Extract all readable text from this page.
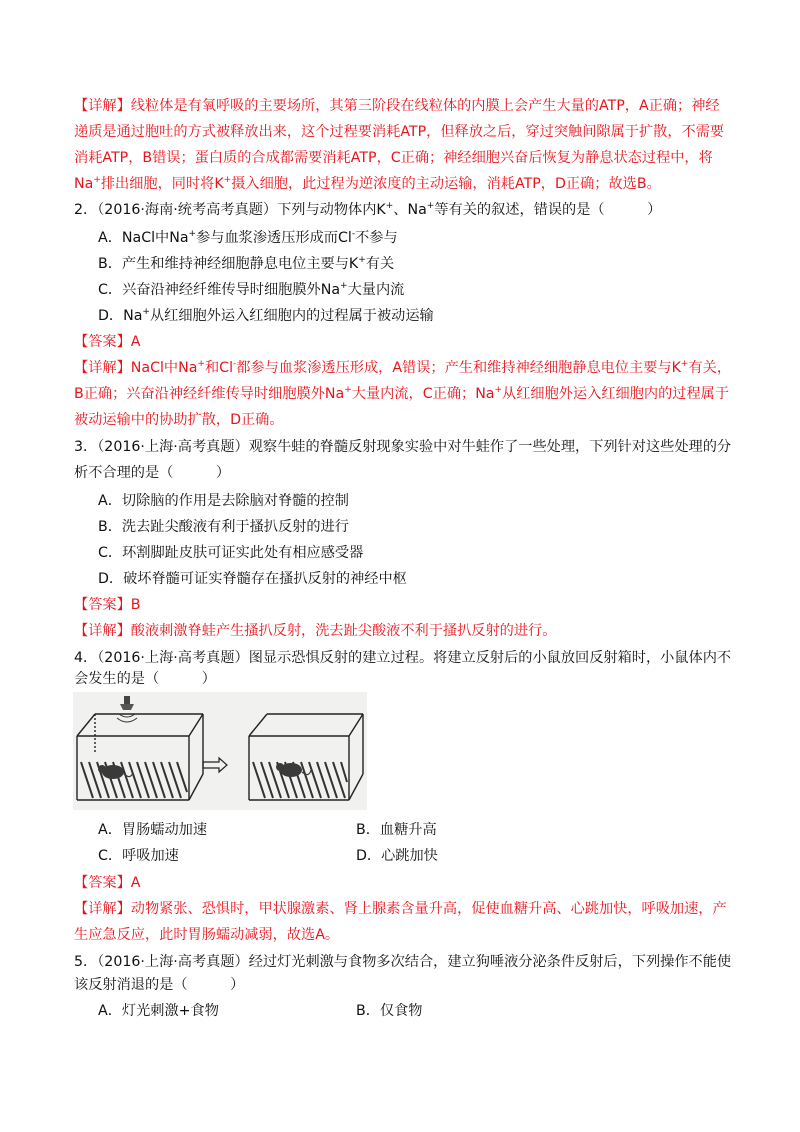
【详解】线粒体是有氧呼吸的主要场所，其第三阶段在线粒体的内膜上会产生大量的ATP，A正确；神经
递质是通过胞吐的方式被释放出来，这个过程要消耗ATP，但释放之后，穿过突触间隙属于扩散，不需要
消耗ATP，B错误；蛋白质的合成都需要消耗ATP，C正确；神经细胞兴奋后恢复为静息状态过程中，将
Na+排出细胞，同时将K+摄入细胞，此过程为逆浓度的主动运输，消耗ATP，D正确；故选B。
2．（2016·海南·统考高考真题）下列与动物体内K+、Na+等有关的叙述，错误的是（　　　）
A．NaCl中Na+参与血浆渗透压形成而Cl-不参与
B．产生和维持神经细胞静息电位主要与K+有关
C．兴奋沿神经纤维传导时细胞膜外Na+大量内流
D．Na+从红细胞外运入红细胞内的过程属于被动运输
【答案】A
【详解】NaCl中Na+和Cl-都参与血浆渗透压形成，A错误；产生和维持神经细胞静息电位主要与K+有关，
B正确；兴奋沿神经纤维传导时细胞膜外Na+大量内流，C正确；Na+从红细胞外运入红细胞内的过程属于
被动运输中的协助扩散，D正确。
3．（2016·上海·高考真题）观察牛蛙的脊髓反射现象实验中对牛蛙作了一些处理，下列针对这些处理的分
析不合理的是（　　　）
A．切除脑的作用是去除脑对脊髓的控制
B．洗去趾尖酸液有利于搔扒反射的进行
C．环割脚趾皮肤可证实此处有相应感受器
D．破坏脊髓可证实脊髓存在搔扒反射的神经中枢
【答案】B
【详解】酸液刺激脊蛙产生搔扒反射，洗去趾尖酸液不利于搔扒反射的进行。
4．（2016·上海·高考真题）图显示恐惧反射的建立过程。将建立反射后的小鼠放回反射箱时，小鼠体内不
会发生的是（　　　）
A．胃肠蠕动加速	B．血糖升高
C．呼吸加速	D．心跳加快
【答案】A
【详解】动物紧张、恐惧时，甲状腺激素、肾上腺素含量升高，促使血糖升高、心跳加快，呼吸加速，产
生应急反应，此时胃肠蠕动减弱，故选A。
5．（2016·上海·高考真题）经过灯光刺激与食物多次结合，建立狗唾液分泌条件反射后，下列操作不能使
该反射消退的是（　　　）
A．灯光刺激+食物	B．仅食物
